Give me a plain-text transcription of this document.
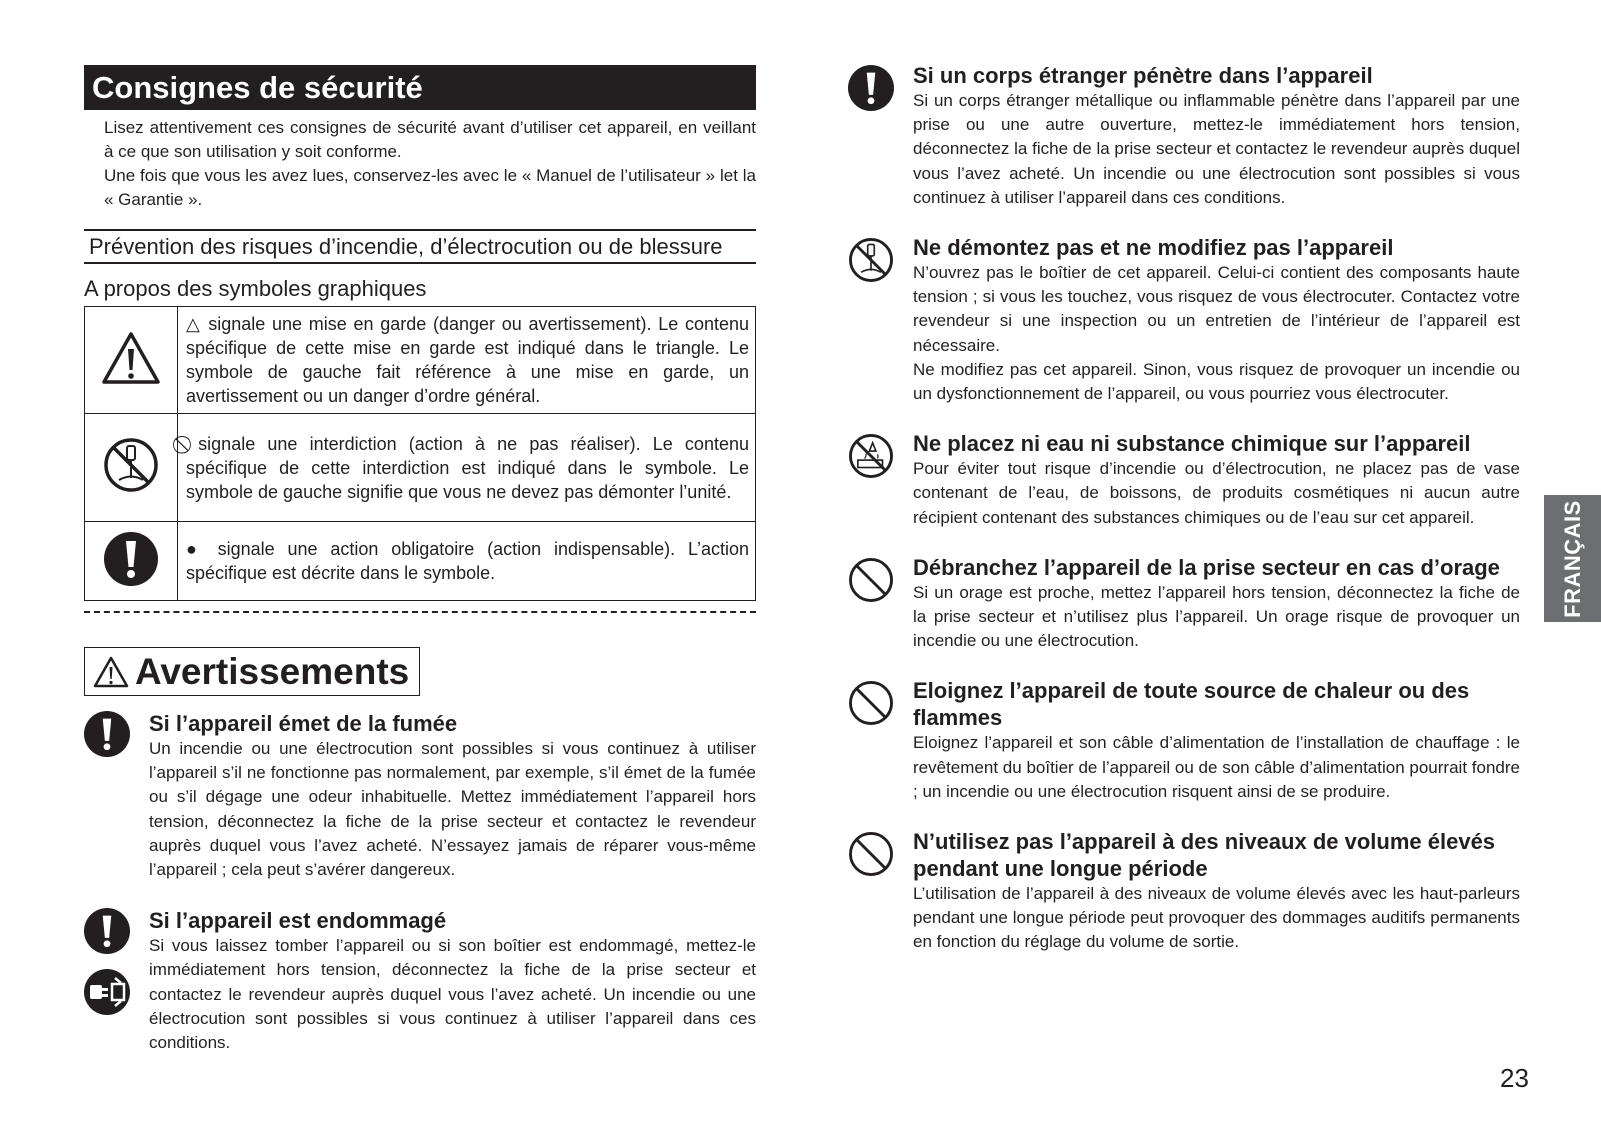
Consignes de sécurité

Lisez attentivement ces consignes de sécurité avant d’utiliser cet appareil, en veillant à ce que son utilisation y soit conforme.

Une fois que vous les avez lues, conservez-les avec le « Manuel de l’utilisateur » let la « Garantie ».

Prévention des risques d’incendie, d’électrocution ou de blessure
A propos des symboles graphiques
	△ signale une mise en garde (danger ou avertissement). Le contenu spécifique de cette mise en garde est indiqué dans le triangle. Le symbole de gauche fait référence à une mise en garde, un avertissement ou un danger d’ordre général.
	⃠ signale une interdiction (action à ne pas réaliser). Le contenu spécifique de cette interdiction est indiqué dans le symbole. Le symbole de gauche signifie que vous ne devez pas démonter l’unité.
	● signale une action obligatoire (action indispensable). L’action spécifique est décrite dans le symbole.
Avertissements
Si l’appareil émet de la fumée
Un incendie ou une électrocution sont possibles si vous continuez à utiliser l’appareil s’il ne fonctionne pas normalement, par exemple, s’il émet de la fumée ou s’il dégage une odeur inhabituelle. Mettez immédiatement l’appareil hors tension, déconnectez la fiche de la prise secteur et contactez le revendeur auprès duquel vous l’avez acheté. N’essayez jamais de réparer vous-même l’appareil ; cela peut s’avérer dangereux.
Si l’appareil est endommagé
Si vous laissez tomber l’appareil ou si son boîtier est endommagé, mettez-le immédiatement hors tension, déconnectez la fiche de la prise secteur et contactez le revendeur auprès duquel vous l’avez acheté. Un incendie ou une électrocution sont possibles si vous continuez à utiliser l’appareil dans ces conditions.
Si un corps étranger pénètre dans l’appareil
Si un corps étranger métallique ou inflammable pénètre dans l’appareil par une prise ou une autre ouverture, mettez-le immédiatement hors tension, déconnectez la fiche de la prise secteur et contactez le revendeur auprès duquel vous l’avez acheté. Un incendie ou une électrocution sont possibles si vous continuez à utiliser l’appareil dans ces conditions.
Ne démontez pas et ne modifiez pas l’appareil
N’ouvrez pas le boîtier de cet appareil. Celui-ci contient des composants haute tension ; si vous les touchez, vous risquez de vous électrocuter. Contactez votre revendeur si une inspection ou un entretien de l’intérieur de l’appareil est nécessaire.
Ne modifiez pas cet appareil. Sinon, vous risquez de provoquer un incendie ou un dysfonctionnement de l’appareil, ou vous pourriez vous électrocuter.
Ne placez ni eau ni substance chimique sur l’appareil
Pour éviter tout risque d’incendie ou d’électrocution, ne placez pas de vase contenant de l’eau, de boissons, de produits cosmétiques ni aucun autre récipient contenant des substances chimiques ou de l’eau sur cet appareil.
Débranchez l’appareil de la prise secteur en cas d’orage
Si un orage est proche, mettez l’appareil hors tension, déconnectez la fiche de la prise secteur et n’utilisez plus l’appareil. Un orage risque de provoquer un incendie ou une électrocution.
Eloignez l’appareil de toute source de chaleur ou des flammes
Eloignez l’appareil et son câble d’alimentation de l’installation de chauffage : le revêtement du boîtier de l’appareil ou de son câble d’alimentation pourrait fondre ; un incendie ou une électrocution risquent ainsi de se produire.
N’utilisez pas l’appareil à des niveaux de volume élevés pendant une longue période
L’utilisation de l’appareil à des niveaux de volume élevés avec les haut-parleurs pendant une longue période peut provoquer des dommages auditifs permanents en fonction du réglage du volume de sortie.
FRANÇAIS
23
